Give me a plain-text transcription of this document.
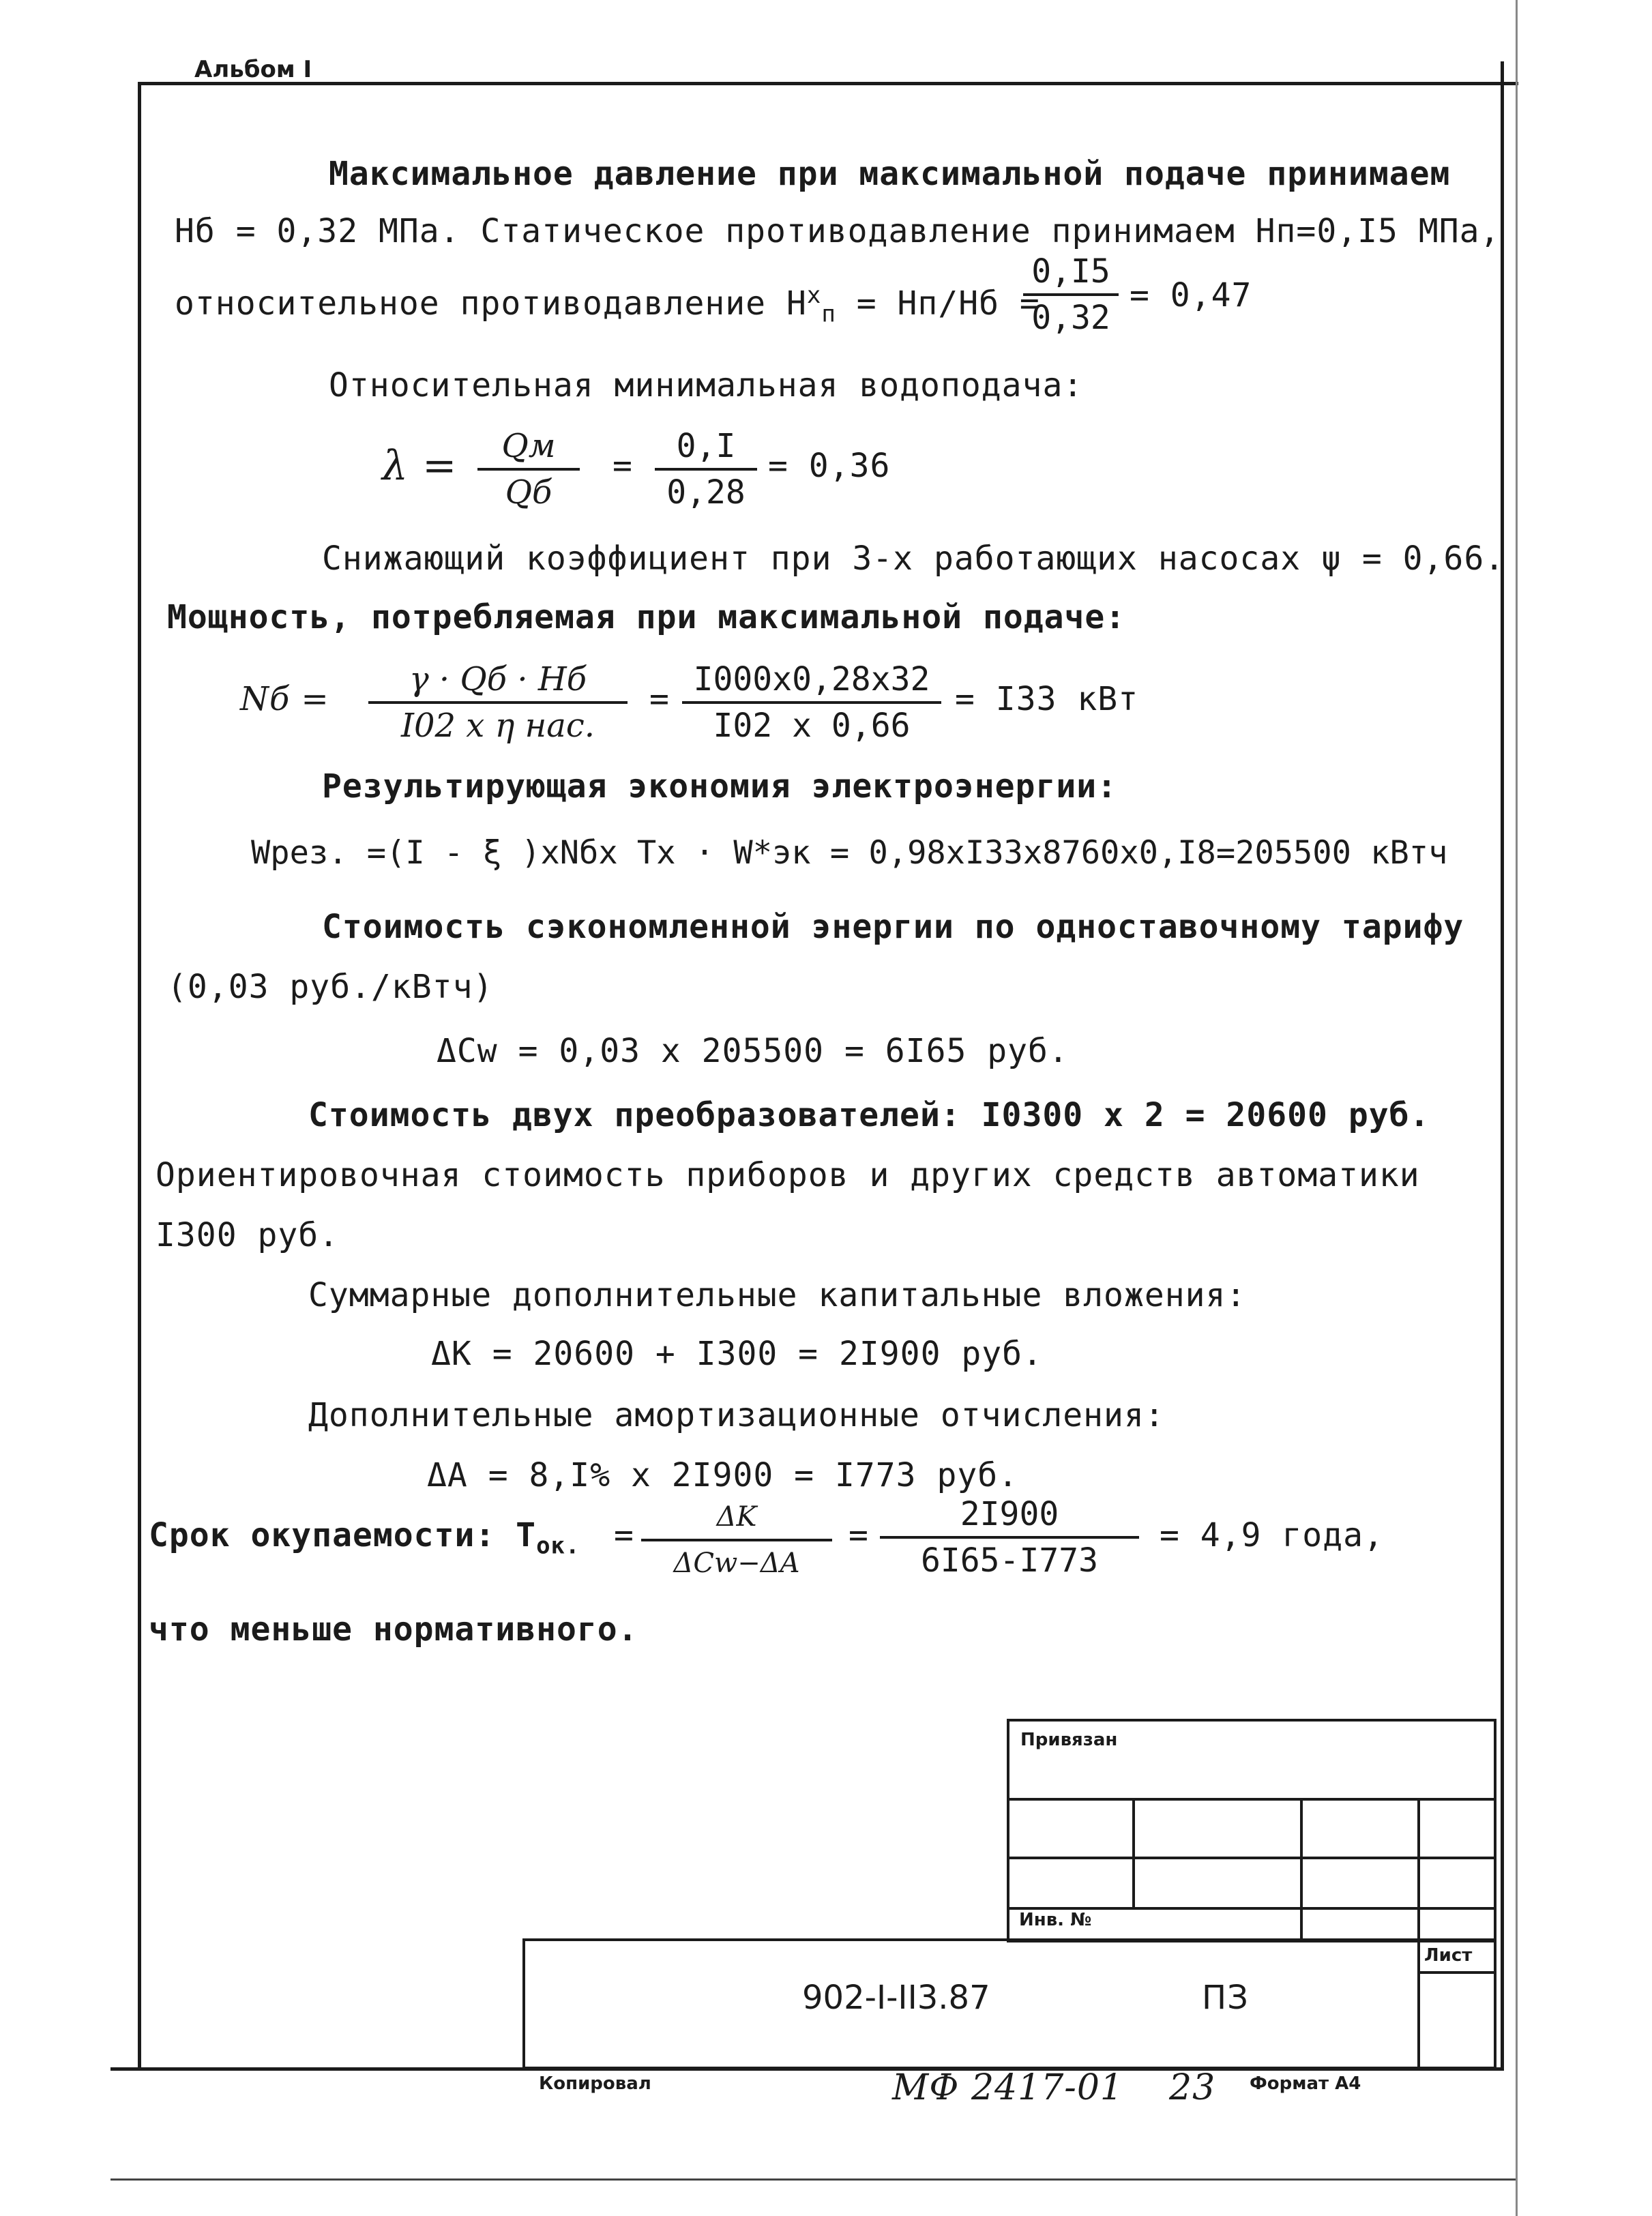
Альбом I
Максимальное давление при максимальной подаче принимаем
Hб = 0,32 МПа. Статическое противодавление принимаем Hп=0,I5 МПа,
относительное противодавление $H^x_п = Hп/Hб$ =
$\frac{0,I5}{0,32} = 0,47$
Относительная минимальная водоподача:
λ =	Qм
Qб
= $\frac{0,I}{0,28} = 0,36$
Снижающий коэффициент при 3-х работающих насосах ψ = 0,66.
Мощность, потребляемая при максимальной подаче:
Nб =
γ · Qб · Hб
I02 x η нас.
= $\frac{I000x0,28x32}{I02 x 0,66} = I33$ кВт
Результирующая экономия электроэнергии:
Wрез. =(I - ξ )xNбx Tx · W*эк = 0,98xI33x8760x0,I8=205500 кВтч
Стоимость сэкономленной энергии по одноставочному тарифу
(0,03 руб./кВтч)
ΔCw = 0,03 x 205500 = 6I65 руб.
Стоимость двух преобразователей: I0300 x 2 = 20600 руб.
Ориентировочная стоимость приборов и других средств автоматики
I300 руб.
Суммарные дополнительные капитальные вложения:
ΔK = 20600 + I300 = 2I900 руб.
Дополнительные амортизационные отчисления:
ΔA = 8,I% x 2I900 = I773 руб.
Срок окупаемости: $T_{ок.}$ =	ΔK
ΔCw−ΔA
= $\frac{2I900}{6I65-I773} = 4,9$ года,
что меньше нормативного.
Привязан
Инв. №
Лист
902-I-II3.87	ПЗ
Копировал	МФ 2417-01 23 Формат А4
